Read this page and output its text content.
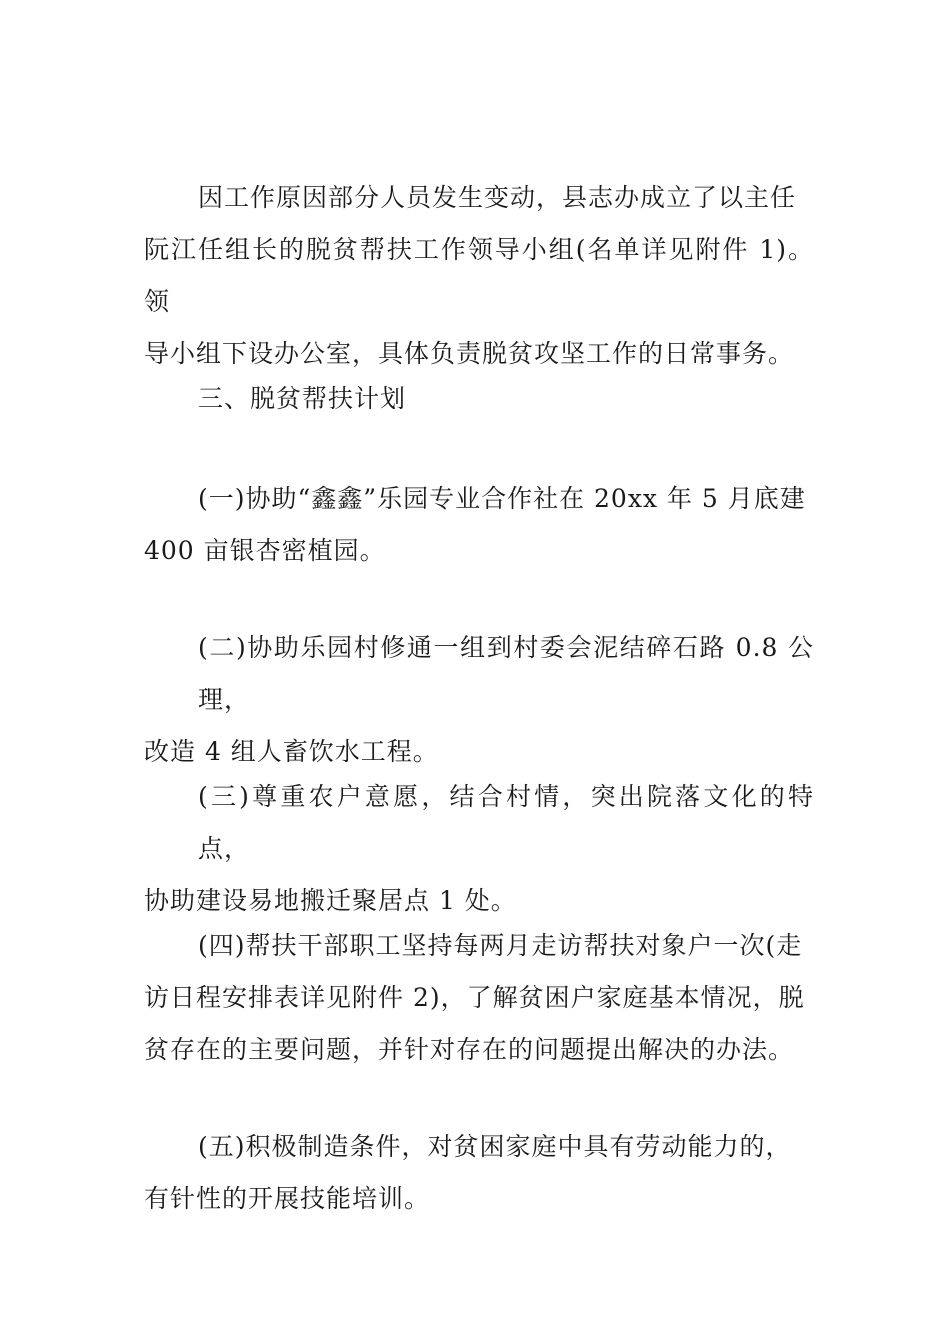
因工作原因部分人员发生变动，县志办成立了以主任
阮江任组长的脱贫帮扶工作领导小组(名单详见附件 1)。领
导小组下设办公室，具体负责脱贫攻坚工作的日常事务。

三、脱贫帮扶计划

(一)协助“鑫鑫”乐园专业合作社在 20xx 年 5 月底建
400 亩银杏密植园。

(二)协助乐园村修通一组到村委会泥结碎石路 0.8 公理，
改造 4 组人畜饮水工程。

(三)尊重农户意愿，结合村情，突出院落文化的特点，
协助建设易地搬迁聚居点 1 处。

(四)帮扶干部职工坚持每两月走访帮扶对象户一次(走
访日程安排表详见附件 2)，了解贫困户家庭基本情况，脱
贫存在的主要问题，并针对存在的问题提出解决的办法。

(五)积极制造条件，对贫困家庭中具有劳动能力的，
有针性的开展技能培训。
